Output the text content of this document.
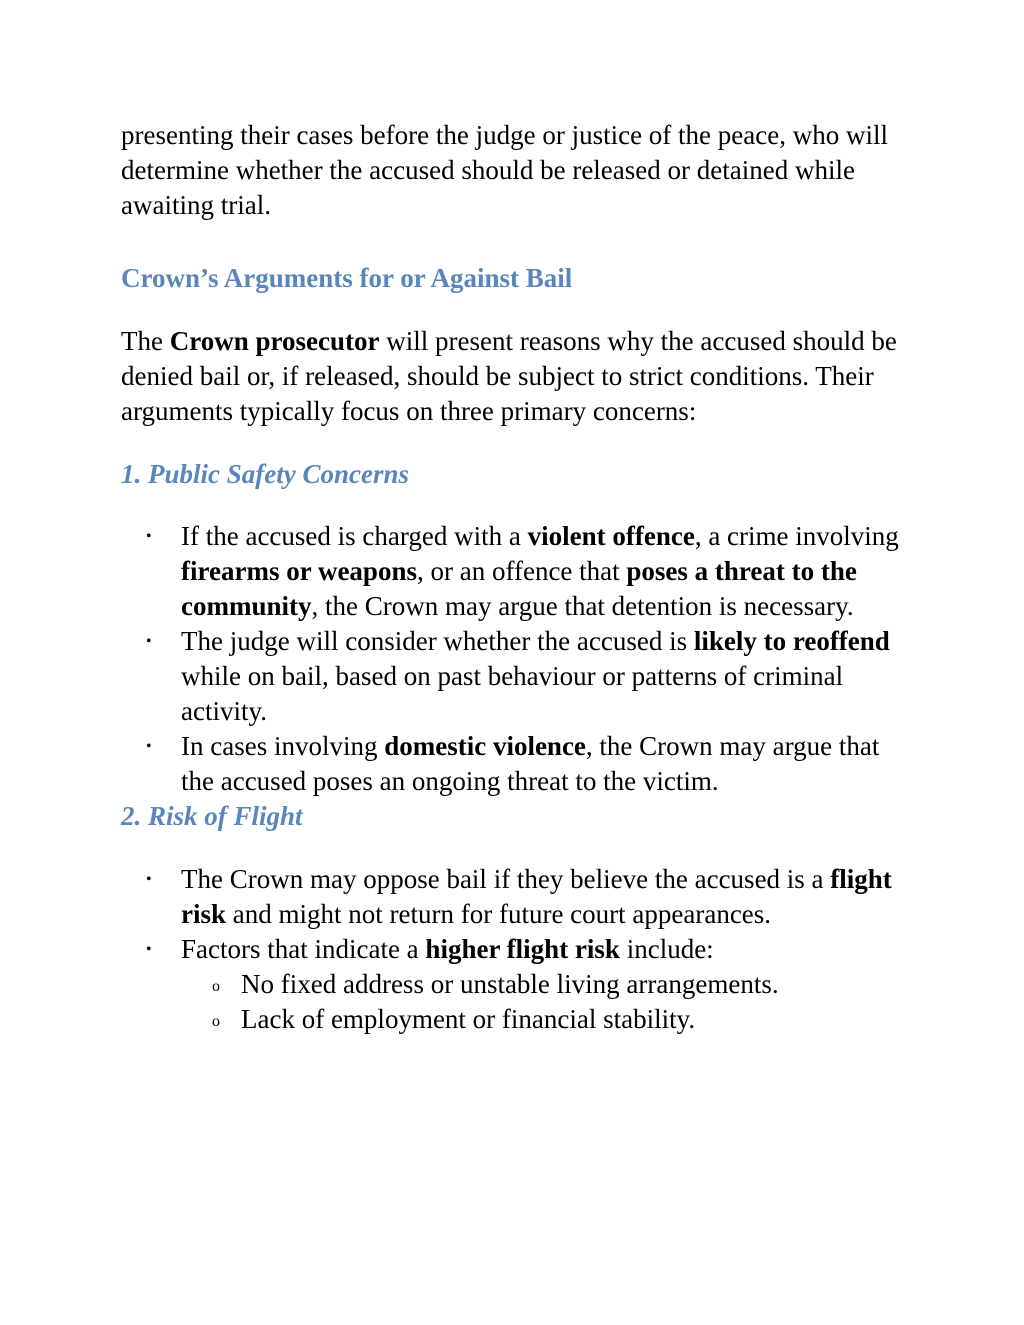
presenting their cases before the judge or justice of the peace, who will determine whether the accused should be released or detained while awaiting trial.

Crown’s Arguments for or Against Bail

The Crown prosecutor will present reasons why the accused should be denied bail or, if released, should be subject to strict conditions. Their arguments typically focus on three primary concerns:

1. Public Safety Concerns
• If the accused is charged with a violent offence, a crime involving firearms or weapons, or an offence that poses a threat to the community, the Crown may argue that detention is necessary.
• The judge will consider whether the accused is likely to reoffend while on bail, based on past behaviour or patterns of criminal activity.
• In cases involving domestic violence, the Crown may argue that the accused poses an ongoing threat to the victim.
2. Risk of Flight
• The Crown may oppose bail if they believe the accused is a flight risk and might not return for future court appearances.
• Factors that indicate a higher flight risk include:
o No fixed address or unstable living arrangements.
o Lack of employment or financial stability.
